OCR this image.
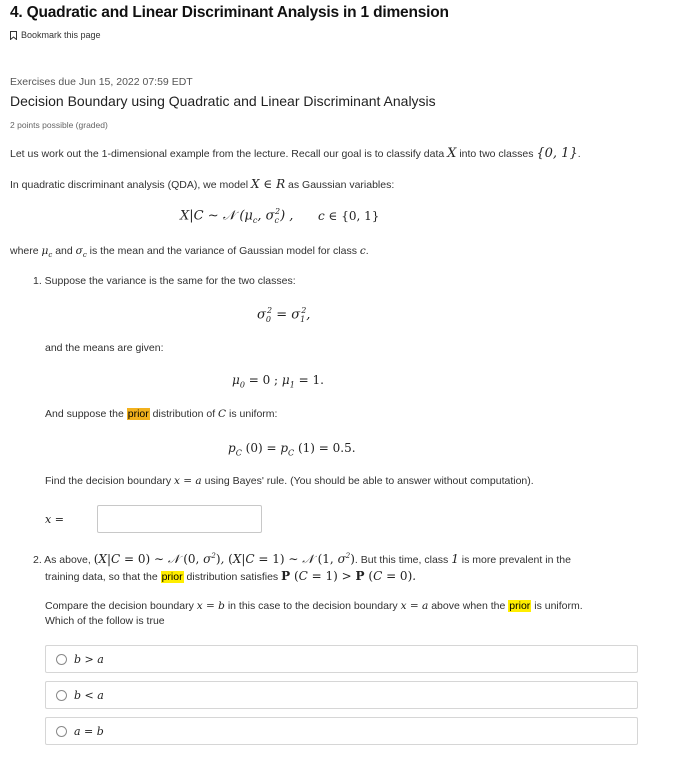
4. Quadratic and Linear Discriminant Analysis in 1 dimension
Bookmark this page
Exercises due Jun 15, 2022 07:59 EDT
Decision Boundary using Quadratic and Linear Discriminant Analysis
2 points possible (graded)
Let us work out the 1-dimensional example from the lecture. Recall our goal is to classify data X into two classes {0, 1}.
In quadratic discriminant analysis (QDA), we model X ∈ R as Gaussian variables:
X|C ∼ 𝒩 ($\mu_c$, $\sigma_c^2$) , c ∈ {0, 1}
where $\mu_c$ and $\sigma_c$ is the mean and the variance of Gaussian model for class c.
1. Suppose the variance is the same for the two classes:
$\sigma_0^2 = \sigma_1^2$,
and the means are given:
$\mu_0 = 0$ ; $\mu_1 = 1$.
And suppose the prior distribution of C is uniform:
$p_C$ $(0) = p_C$ (1) = 0.5.
Find the decision boundary x = a using Bayes' rule. (You should be able to answer without computation).
x =
2. As above, (X|C = 0) ∼ 𝒩 (0, $\sigma^2$), (X|C = 1) ∼ 𝒩 (1, $\sigma^2$). But this time, class 1 is more prevalent in the
training data, so that the prior distribution satisfies P (C = 1) > P (C = 0).
Compare the decision boundary x = b in this case to the decision boundary x = a above when the prior is uniform.
Which of the follow is true
b > a
b < a
a = b
